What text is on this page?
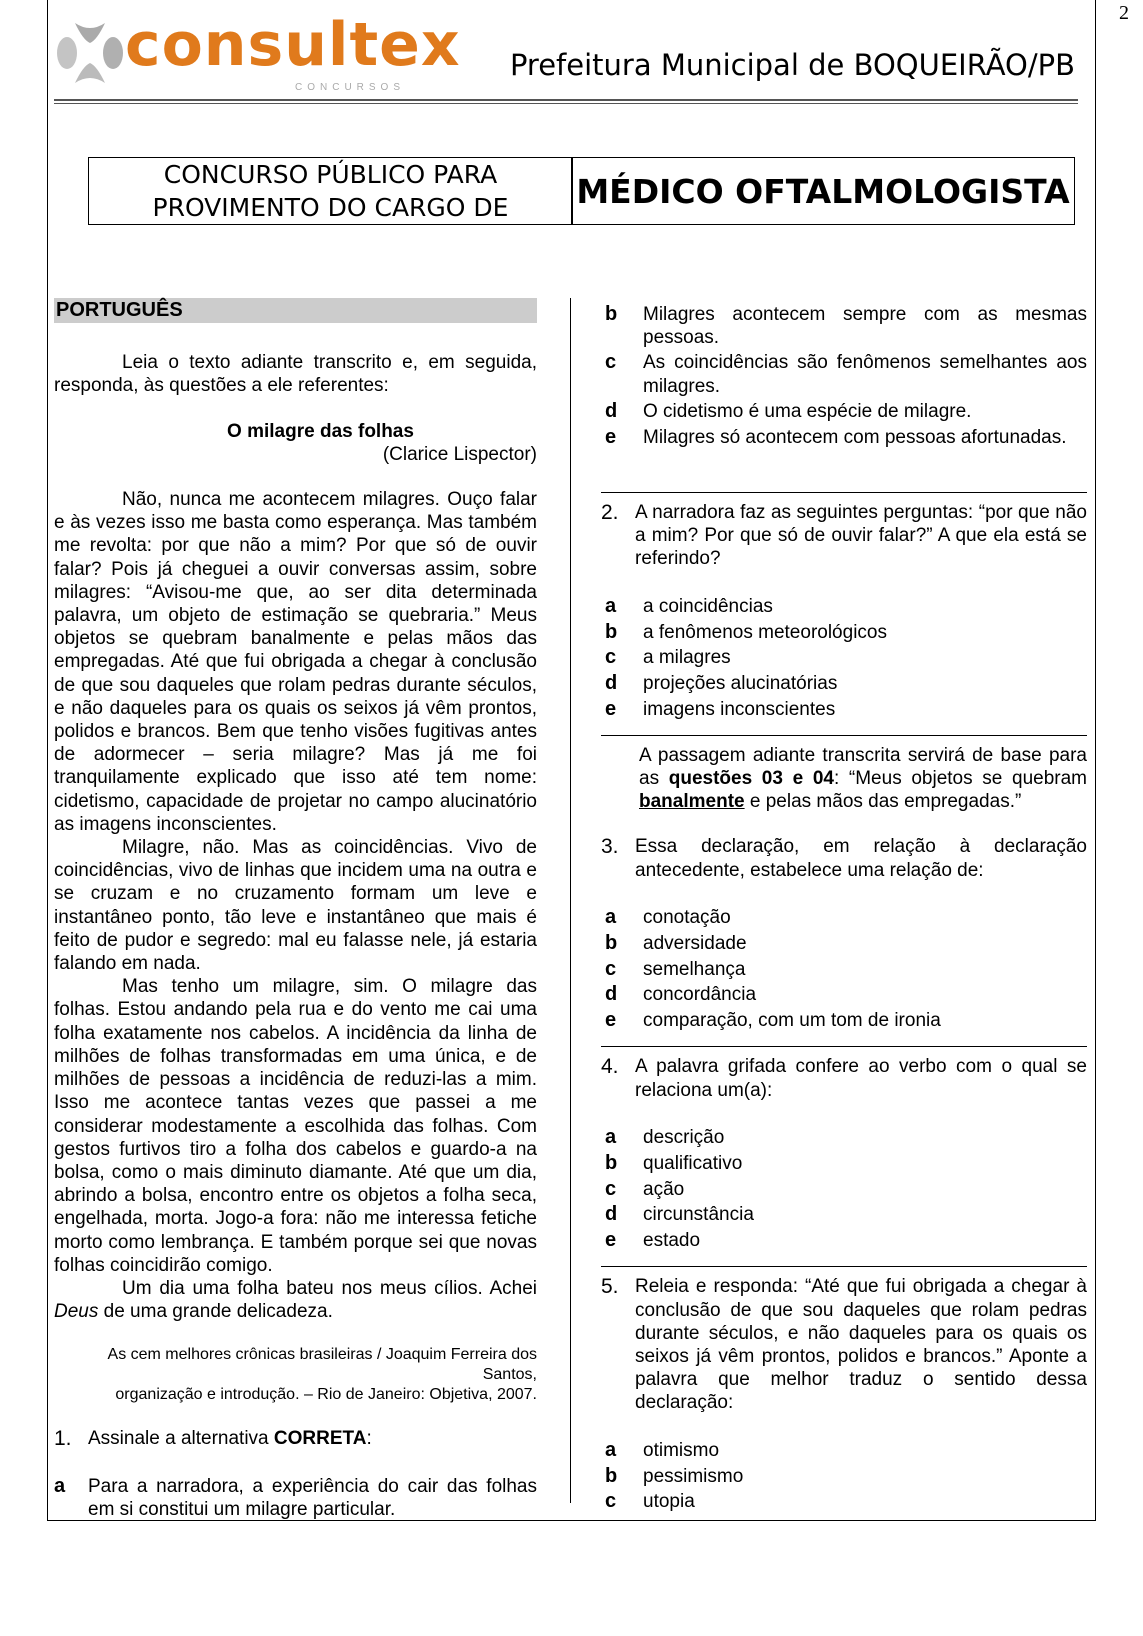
2
consultex
CONCURSOS
Prefeitura Municipal de BOQUEIRÃO/PB
CONCURSO PÚBLICO PARA
PROVIMENTO DO CARGO DE	MÉDICO OFTALMOLOGISTA
PORTUGUÊS

Leia o texto adiante transcrito e, em seguida, responda, às questões a ele referentes:

O milagre das folhas

(Clarice Lispector)

Não, nunca me acontecem milagres. Ouço falar e às vezes isso me basta como esperança. Mas também me revolta: por que não a mim? Por que só de ouvir falar? Pois já cheguei a ouvir conversas assim, sobre milagres: “Avisou-me que, ao ser dita determinada palavra, um objeto de estimação se quebraria.” Meus objetos se quebram banalmente e pelas mãos das empregadas. Até que fui obrigada a chegar à conclusão de que sou daqueles que rolam pedras durante séculos, e não daqueles para os quais os seixos já vêm prontos, polidos e brancos. Bem que tenho visões fugitivas antes de adormecer – seria milagre? Mas já me foi tranquilamente explicado que isso até tem nome: cidetismo, capacidade de projetar no campo alucinatório as imagens inconscientes.

Milagre, não. Mas as coincidências. Vivo de coincidências, vivo de linhas que incidem uma na outra e se cruzam e no cruzamento formam um leve e instantâneo ponto, tão leve e instantâneo que mais é feito de pudor e segredo: mal eu falasse nele, já estaria falando em nada.

Mas tenho um milagre, sim. O milagre das folhas. Estou andando pela rua e do vento me cai uma folha exatamente nos cabelos. A incidência da linha de milhões de folhas transformadas em uma única, e de milhões de pessoas a incidência de reduzi-las a mim. Isso me acontece tantas vezes que passei a me considerar modestamente a escolhida das folhas. Com gestos furtivos tiro a folha dos cabelos e guardo-a na bolsa, como o mais diminuto diamante. Até que um dia, abrindo a bolsa, encontro entre os objetos a folha seca, engelhada, morta. Jogo-a fora: não me interessa fetiche morto como lembrança. E também porque sei que novas folhas coincidirão comigo.

Um dia uma folha bateu nos meus cílios. Achei Deus de uma grande delicadeza.

As cem melhores crônicas brasileiras / Joaquim Ferreira dos Santos,
organização e introdução. – Rio de Janeiro: Objetiva, 2007.
1. Assinale a alternativa CORRETA:
a	Para a narradora, a experiência do cair das folhas em si constitui um milagre particular.
b	Milagres acontecem sempre com as mesmas pessoas.
c	As coincidências são fenômenos semelhantes aos milagres.
d	O cidetismo é uma espécie de milagre.
e	Milagres só acontecem com pessoas afortunadas.
2. A narradora faz as seguintes perguntas: “por que não a mim? Por que só de ouvir falar?” A que ela está se referindo?
a	a coincidências
b	a fenômenos meteorológicos
c	a milagres
d	projeções alucinatórias
e	imagens inconscientes

A passagem adiante transcrita servirá de base para as questões 03 e 04: “Meus objetos se quebram banalmente e pelas mãos das empregadas.”

3. Essa declaração, em relação à declaração antecedente, estabelece uma relação de:
a	conotação
b	adversidade
c	semelhança
d	concordância
e	comparação, com um tom de ironia
4. A palavra grifada confere ao verbo com o qual se relaciona um(a):
a	descrição
b	qualificativo
c	ação
d	circunstância
e	estado
5. Releia e responda: “Até que fui obrigada a chegar à conclusão de que sou daqueles que rolam pedras durante séculos, e não daqueles para os quais os seixos já vêm prontos, polidos e brancos.” Aponte a palavra que melhor traduz o sentido dessa declaração:
a	otimismo
b	pessimismo
c	utopia
